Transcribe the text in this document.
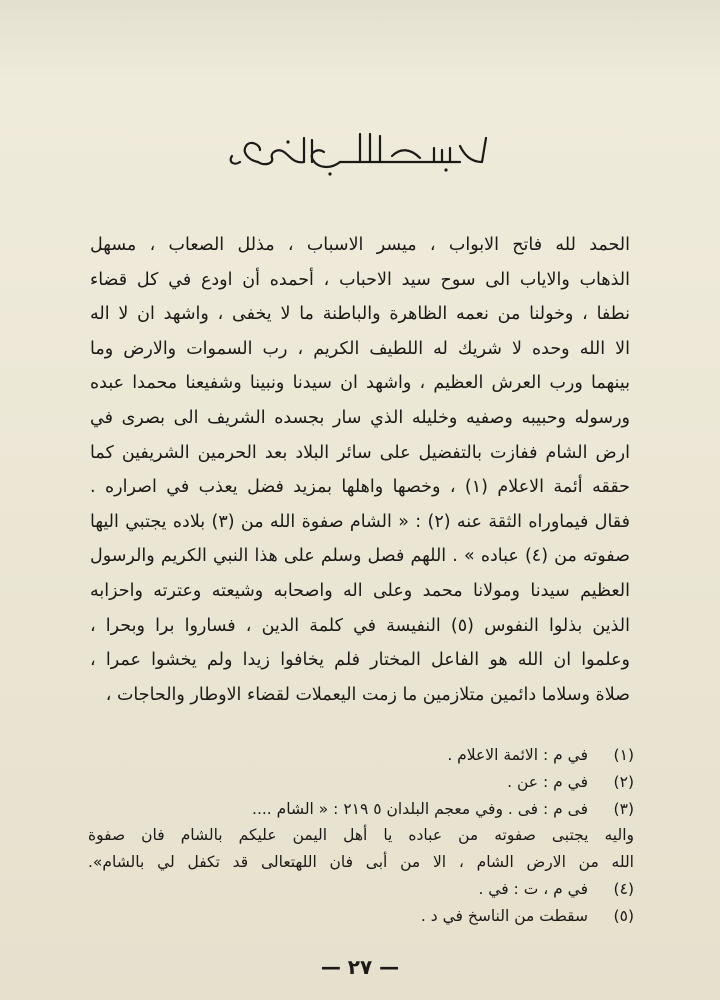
الحمد لله فاتح الابواب ، ميسر الاسباب ، مذلل الصعاب ، مسهل
الذهاب والاياب الى سوح سيد الاحباب ، أحمده أن اودع في كل قضاء
نطفا ، وخولنا من نعمه الظاهرة والباطنة ما لا يخفى ، واشهد ان لا اله
الا الله وحده لا شريك له اللطيف الكريم ، رب السموات والارض وما
بينهما ورب العرش العظيم ، واشهد ان سيدنا ونبينا وشفيعنا محمدا عبده
ورسوله وحبيبه وصفيه وخليله الذي سار بجسده الشريف الى بصرى في
ارض الشام ففازت بالتفضيل على سائر البلاد بعد الحرمين الشريفين كما
حققه أئمة الاعلام (١) ، وخصها واهلها بمزيد فضل يعذب في اصراره .
فقال فيماوراه الثقة عنه (٢) : « الشام صفوة الله من (٣) بلاده يجتبي اليها
صفوته من (٤) عباده » . اللهم فصل وسلم على هذا النبي الكريم والرسول
العظيم سيدنا ومولانا محمد وعلى اله واصحابه وشيعته وعترته واحزابه
الذين بذلوا النفوس (٥) النفيسة في كلمة الدين ، فساروا برا وبحرا ،
وعلموا ان الله هو الفاعل المختار فلم يخافوا زيدا ولم يخشوا عمرا ،
صلاة وسلاما دائمين متلازمين ما زمت اليعملات لقضاء الاوطار والحاجات ،
(١)
في م : الائمة الاعلام .
(٢)
في م : عن .
(٣)
فى م : فى . وفي معجم البلدان ٥ ٢١٩ : « الشام ....
واليه يجتبى صفوته من عباده يا أهل اليمن عليكم بالشام فان صفوة
الله من الارض الشام ، الا من أبى فان اللهتعالى قد تكفل لي بالشام».
(٤)
في م ، ت : في .
(٥)
سقطت من الناسخ في د .
— ٢٧ —
